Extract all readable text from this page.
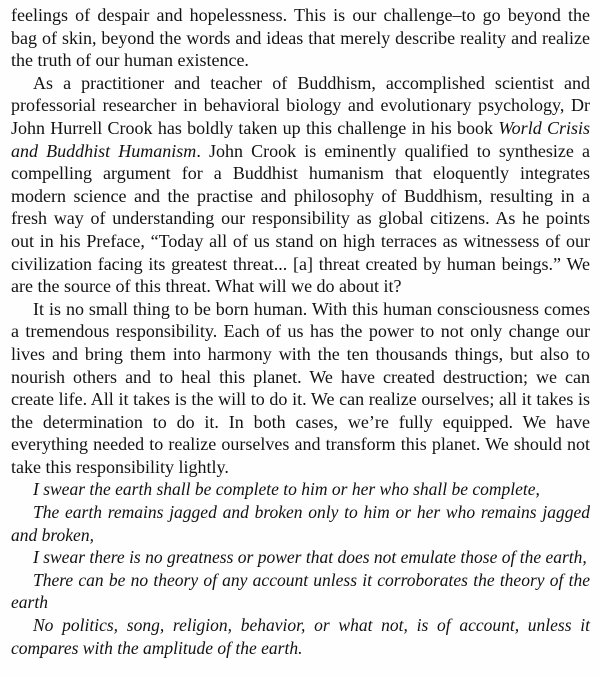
feelings of despair and hopelessness. This is our challenge–to go beyond the bag of skin, beyond the words and ideas that merely describe reality and realize the truth of our human existence.

As a practitioner and teacher of Buddhism, accomplished scientist and professorial researcher in behavioral biology and evolutionary psychology, Dr John Hurrell Crook has boldly taken up this challenge in his book World Crisis and Buddhist Humanism. John Crook is eminently qualified to synthesize a compelling argument for a Buddhist humanism that eloquently integrates modern science and the practise and philosophy of Buddhism, resulting in a fresh way of understanding our responsibility as global citizens. As he points out in his Preface, “Today all of us stand on high terraces as witnessess of our civilization facing its greatest threat... [a] threat created by human beings.” We are the source of this threat. What will we do about it?

It is no small thing to be born human. With this human consciousness comes a tremendous responsibility. Each of us has the power to not only change our lives and bring them into harmony with the ten thousands things, but also to nourish others and to heal this planet. We have created destruction; we can create life. All it takes is the will to do it. We can realize ourselves; all it takes is the determination to do it. In both cases, we’re fully equipped. We have everything needed to realize ourselves and transform this planet. We should not take this responsibility lightly.

I swear the earth shall be complete to him or her who shall be complete,

The earth remains jagged and broken only to him or her who remains jagged and broken,

I swear there is no greatness or power that does not emulate those of the earth,

There can be no theory of any account unless it corroborates the theory of the earth

No politics, song, religion, behavior, or what not, is of account, unless it compares with the amplitude of the earth.
